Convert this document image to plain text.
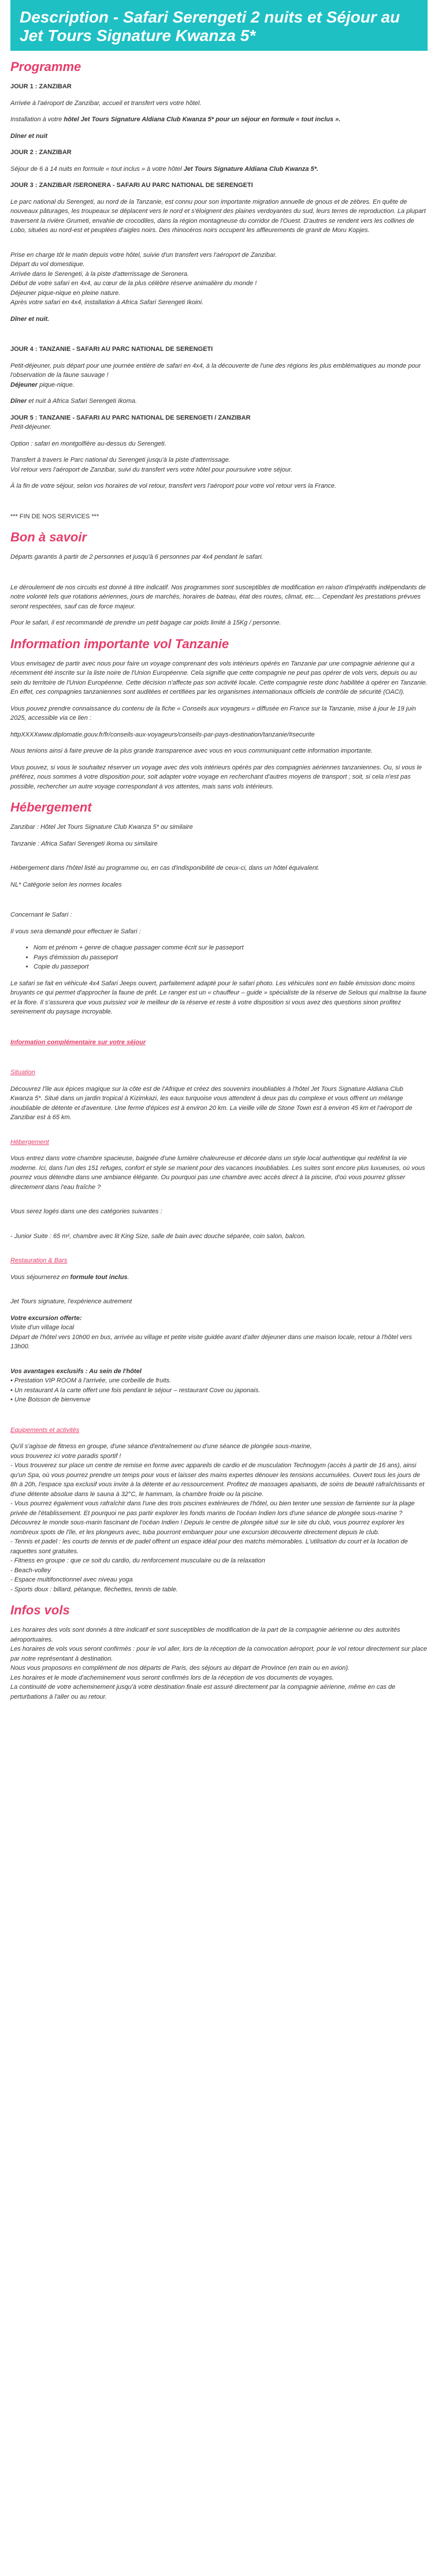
Description - Safari Serengeti 2 nuits et Séjour au Jet Tours Signature Kwanza 5*
Programme

JOUR 1 : ZANZIBAR

Arrivée à l'aéroport de Zanzibar, accueil et transfert vers votre hôtel.

Installation à votre hôtel Jet Tours Signature Aldiana Club Kwanza 5* pour un séjour en formule « tout inclus ».

Dîner et nuit

JOUR 2 : ZANZIBAR

Séjour de 6 à 14 nuits en formule « tout inclus » à votre hôtel Jet Tours Signature Aldiana Club Kwanza 5*.

JOUR 3 : ZANZIBAR /SERONERA - SAFARI AU PARC NATIONAL DE SERENGETI

Le parc national du Serengeti, au nord de la Tanzanie, est connu pour son importante migration annuelle de gnous et de zèbres. En quête de nouveaux pâturages, les troupeaux se déplacent vers le nord et s'éloignent des plaines verdoyantes du sud, leurs terres de reproduction. La plupart traversent la rivière Grumeti, envahie de crocodiles, dans la région montagneuse du corridor de l'Ouest. D'autres se rendent vers les collines de Lobo, situées au nord-est et peuplées d'aigles noirs. Des rhinocéros noirs occupent les affleurements de granit de Moru Kopjes.

Prise en charge tôt le matin depuis votre hôtel, suivie d'un transfert vers l'aéroport de Zanzibar.
Départ du vol domestique.
Arrivée dans le Serengeti, à la piste d'atterrissage de Seronera.
Début de votre safari en 4x4, au cœur de la plus célèbre réserve animalière du monde !
Déjeuner pique-nique en pleine nature.
Après votre safari en 4x4, installation à Africa Safari Serengeti Ikoini.

Dîner et nuit.

JOUR 4 : TANZANIE - SAFARI AU PARC NATIONAL DE SERENGETI

Petit-déjeuner, puis départ pour une journée entière de safari en 4x4, à la découverte de l'une des régions les plus emblématiques au monde pour l'observation de la faune sauvage !
Déjeuner pique-nique.

Dîner et nuit à Africa Safari Serengeti Ikoma.

JOUR 5 : TANZANIE - SAFARI AU PARC NATIONAL DE SERENGETI / ZANZIBAR
Petit-déjeuner.

Option : safari en montgolfière au-dessus du Serengeti.

Transfert à travers le Parc national du Serengeti jusqu'à la piste d'atterrissage.
Vol retour vers l'aéroport de Zanzibar, suivi du transfert vers votre hôtel pour poursuivre votre séjour.

À la fin de votre séjour, selon vos horaires de vol retour, transfert vers l'aéroport pour votre vol retour vers la France.

*** FIN DE NOS SERVICES ***

Bon à savoir

Départs garantis à partir de 2 personnes et jusqu'à 6 personnes par 4x4 pendant le safari.

Le déroulement de nos circuits est donné à titre indicatif. Nos programmes sont susceptibles de modification en raison d'impératifs indépendants de notre volonté tels que rotations aériennes, jours de marchés, horaires de bateau, état des routes, climat, etc.... Cependant les prestations prévues seront respectées, sauf cas de force majeur.

Pour le safari, il est recommandé de prendre un petit bagage car poids limité à 15Kg / personne.

Information importante vol Tanzanie

Vous envisagez de partir avec nous pour faire un voyage comprenant des vols intérieurs opérés en Tanzanie par une compagnie aérienne qui a récemment été inscrite sur la liste noire de l'Union Européenne. Cela signifie que cette compagnie ne peut pas opérer de vols vers, depuis ou au sein du territoire de l'Union Européenne. Cette décision n'affecte pas son activité locale. Cette compagnie reste donc habilitée à opérer en Tanzanie. En effet, ces compagnies tanzaniennes sont auditées et certifiées par les organismes internationaux officiels de contrôle de sécurité (OACI).

Vous pouvez prendre connaissance du contenu de la fiche « Conseils aux voyageurs » diffusée en France sur la Tanzanie, mise à jour le 19 juin 2025, accessible via ce lien :

httpXXXXwww.diplomatie.gouv.fr/fr/conseils-aux-voyageurs/conseils-par-pays-destination/tanzanie/#securite

Nous tenions ainsi à faire preuve de la plus grande transparence avec vous en vous communiquant cette information importante.

Vous pouvez, si vous le souhaitez réserver un voyage avec des vols intérieurs opérés par des compagnies aériennes tanzaniennes. Ou, si vous le préférez, nous sommes à votre disposition pour, soit adapter votre voyage en recherchant d'autres moyens de transport ; soit, si cela n'est pas possible, rechercher un autre voyage correspondant à vos attentes, mais sans vols intérieurs.

Hébergement

Zanzibar : Hôtel Jet Tours Signature Club Kwanza 5* ou similaire

Tanzanie : Africa Safari Serengeti Ikoma ou similaire

Hébergement dans l'hôtel listé au programme ou, en cas d'indisponibilité de ceux-ci, dans un hôtel équivalent.

NL* Catégorie selon les normes locales

Concernant le Safari :

Il vous sera demandé pour effectuer le Safari :

• Nom et prénom + genre de chaque passager comme écrit sur le passeport
• Pays d'émission du passeport
• Copie du passeport

Le safari se fait en véhicule 4x4 Safari Jeeps ouvert, parfaitement adapté pour le safari photo. Les véhicules sont en faible émission donc moins bruyants ce qui permet d'approcher la faune de prêt. Le ranger est un « chauffeur – guide » spécialiste de la réserve de Selous qui maîtrise la faune et la flore. Il s'assurera que vous puissiez voir le meilleur de la réserve et reste à votre disposition si vous avez des questions sinon profitez sereinement du paysage incroyable.

Information complémentaire sur votre séjour

Situation

Découvrez l'île aux épices magique sur la côte est de l'Afrique et créez des souvenirs inoubliables à l'hôtel Jet Tours Signature Aldiana Club Kwanza 5*. Situé dans un jardin tropical à Kizimkazi, les eaux turquoise vous attendent à deux pas du complexe et vous offrent un mélange inoubliable de détente et d'aventure. Une ferme d'épices est à environ 20 km. La vieille ville de Stone Town est à environ 45 km et l'aéroport de Zanzibar est à 65 km.

Hébergement

Vous entrez dans votre chambre spacieuse, baignée d'une lumière chaleureuse et décorée dans un style local authentique qui redéfinit la vie moderne. Ici, dans l'un des 151 refuges, confort et style se marient pour des vacances inoubliables. Les suites sont encore plus luxueuses, où vous pourrez vous détendre dans une ambiance élégante. Ou pourquoi pas une chambre avec accès direct à la piscine, d'où vous pourrez glisser directement dans l'eau fraîche ?

Vous serez logés dans une des catégories suivantes :

- Junior Suite : 65 m², chambre avec lit King Size, salle de bain avec douche séparée, coin salon, balcon.

Restauration & Bars

Vous séjournerez en formule tout inclus.

Jet Tours signature, l'expérience autrement

Votre excursion offerte:
Visite d'un village local
Départ de l'hôtel vers 10h00 en bus, arrivée au village et petite visite guidée avant d'aller déjeuner dans une maison locale, retour à l'hôtel vers 13h00.

Vos avantages exclusifs : Au sein de l'hôtel
• Prestation VIP ROOM à l'arrivée, une corbeille de fruits.
• Un restaurant A la carte offert une fois pendant le séjour – restaurant Cove ou japonais.
• Une Boisson de bienvenue

Equipements et activités

Qu'il s'agisse de fitness en groupe, d'une séance d'entraînement ou d'une séance de plongée sous-marine,
vous trouverez ici votre paradis sportif !
- Vous trouverez sur place un centre de remise en forme avec appareils de cardio et de musculation Technogym (accès à partir de 16 ans), ainsi qu'un Spa, où vous pourrez prendre un temps pour vous et laisser des mains expertes dénouer les tensions accumulées. Ouvert tous les jours de 8h à 20h, l'espace spa exclusif vous invite à la détente et au ressourcement. Profitez de massages apaisants, de soins de beauté rafraîchissants et d'une détente absolue dans le sauna à 32°C, le hammam, la chambre froide ou la piscine.
- Vous pourrez également vous rafraîchir dans l'une des trois piscines extérieures de l'hôtel, ou bien tenter une session de farniente sur la plage privée de l'établissement. Et pourquoi ne pas partir explorer les fonds marins de l'océan Indien lors d'une séance de plongée sous-marine ? Découvrez le monde sous-marin fascinant de l'océan Indien ! Depuis le centre de plongée situé sur le site du club, vous pourrez explorer les nombreux spots de l'île, et les plongeurs avec, tuba pourront embarquer pour une excursion découverte directement depuis le club.
- Tennis et padel : les courts de tennis et de padel offrent un espace idéal pour des matchs mémorables. L'utilisation du court et la location de raquettes sont gratuites.
- Fitness en groupe : que ce soit du cardio, du renforcement musculaire ou de la relaxation
- Beach-volley
- Espace multifonctionnel avec niveau yoga
- Sports doux : billard, pétanque, fléchettes, tennis de table.

Infos vols

Les horaires des vols sont donnés à titre indicatif et sont susceptibles de modification de la part de la compagnie aérienne ou des autorités aéroportuaires.
Les horaires de vols vous seront confirmés : pour le vol aller, lors de la réception de la convocation aéroport, pour le vol retour directement sur place par notre représentant à destination.
Nous vous proposons en complément de nos départs de Paris, des séjours au départ de Province (en train ou en avion).
Les horaires et le mode d'acheminement vous seront confirmés lors de la réception de vos documents de voyages.
La continuité de votre acheminement jusqu'à votre destination finale est assuré directement par la compagnie aérienne, même en cas de perturbations à l'aller ou au retour.
